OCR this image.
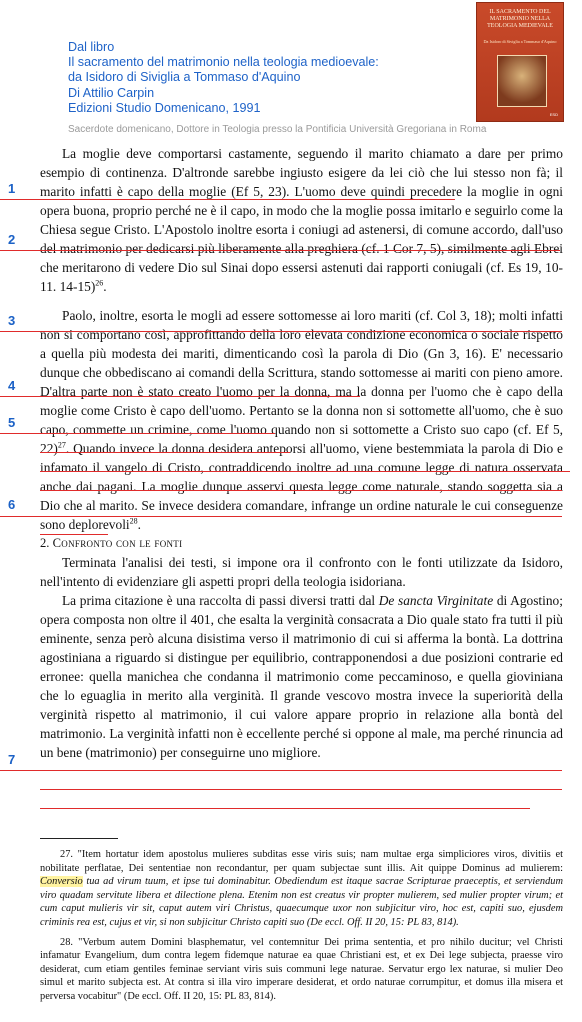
Dal libro
Il sacramento del matrimonio nella teologia medioevale:
da Isidoro di Siviglia a Tommaso d'Aquino
Di Attilio Carpin
Edizioni Studio Domenicano, 1991
Sacerdote domenicano, Dottore in Teologia presso la Pontificia Università Gregoriana in Roma
IL SACRAMENTO DEL MATRIMONIO NELLA TEOLOGIA MEDIEVALE
Da Isidoro di Siviglia a Tommaso d'Aquino
ESD

La moglie deve comportarsi castamente, seguendo il marito chiamato a dare per primo esempio di continenza. D'altronde sarebbe ingiusto esigere da lei ciò che lui stesso non fà; il marito infatti è capo della moglie (Ef 5, 23). L'uomo deve quindi precedere la moglie in ogni opera buona, proprio perché ne è il capo, in modo che la moglie possa imitarlo e seguirlo come la Chiesa segue Cristo. L'Apostolo inoltre esorta i coniugi ad astenersi, di comune accordo, dall'uso del matrimonio per dedicarsi più liberamente alla preghiera (cf. 1 Cor 7, 5), similmente agli Ebrei che meritarono di vedere Dio sul Sinai dopo essersi astenuti dai rapporti coniugali (cf. Es 19, 10-11. 14-15)$^{26}$.

Paolo, inoltre, esorta le mogli ad essere sottomesse ai loro mariti (cf. Col 3, 18); molti infatti non si comportano così, approfittando della loro elevata condizione economica o sociale rispetto a quella più modesta dei mariti, dimenticando così la parola di Dio (Gn 3, 16). E' necessario dunque che obbediscano ai comandi della Scrittura, stando sottomesse ai mariti con pieno amore. D'altra parte non è stato creato l'uomo per la donna, ma la donna per l'uomo che è capo della moglie come Cristo è capo dell'uomo. Pertanto se la donna non si sottomette all'uomo, che è suo capo, commette un crimine, come l'uomo quando non si sottomette a Cristo suo capo (cf. Ef 5, 22)$^{27}$. Quando invece la donna desidera anteporsi all'uomo, viene bestemmiata la parola di Dio e infamato il vangelo di Cristo, contraddicendo inoltre ad una comune legge di natura osservata anche dai pagani. La moglie dunque asservi questa legge come naturale, stando soggetta sia a Dio che al marito. Se invece desidera comandare, infrange un ordine naturale le cui conseguenze sono deplorevoli$^{28}$.

2. Confronto con le fonti

Terminata l'analisi dei testi, si impone ora il confronto con le fonti utilizzate da Isidoro, nell'intento di evidenziare gli aspetti propri della teologia isidoriana.

La prima citazione è una raccolta di passi diversi tratti dal De sancta Virginitate di Agostino; opera composta non oltre il 401, che esalta la verginità consacrata a Dio quale stato fra tutti il più eminente, senza però alcuna disistima verso il matrimonio di cui si afferma la bontà. La dottrina agostiniana a riguardo si distingue per equilibrio, contrapponendosi a due posizioni contrarie ed erronee: quella manichea che condanna il matrimonio come peccaminoso, e quella gioviniana che lo eguaglia in merito alla verginità. Il grande vescovo mostra invece la superiorità della verginità rispetto al matrimonio, il cui valore appare proprio in relazione alla bontà del matrimonio. La verginità infatti non è eccellente perché si oppone al male, ma perché rinuncia ad un bene (matrimonio) per conseguirne uno migliore.

27. "Item hortatur idem apostolus mulieres subditas esse viris suis; nam multae erga simpliciores viros, divitiis et nobilitate perflatae, Dei sententiae non recondantur, per quam subjectae sunt illis. Ait quippe Dominus ad mulierem: Conversio tua ad virum tuum, et ipse tui dominabitur. Obediendum est itaque sacrae Scripturae praeceptis, et serviendum viro quadam servitute libera et dilectione plena. Etenim non est creatus vir propter mulierem, sed mulier propter virum; et cum caput mulieris vir sit, caput autem viri Christus, quaecumque uxor non subjicitur viro, hoc est, capiti suo, ejusdem criminis rea est, cujus et vir, si non subjicitur Christo capiti suo (De eccl. Off. II 20, 15: PL 83, 814).

28. "Verbum autem Domini blasphematur, vel contemnitur Dei prima sententia, et pro nihilo ducitur; vel Christi infamatur Evangelium, dum contra legem fidemque naturae ea quae Christiani est, et ex Dei lege subjecta, praesse viro desiderat, cum etiam gentiles feminae serviant viris suis communi lege naturae. Servatur ergo lex naturae, si mulier Deo simul et marito subjecta est. At contra si illa viro imperare desiderat, et ordo naturae corrumpitur, et domus illa misera et perversa vocabitur" (De eccl. Off. II 20, 15: PL 83, 814).

1
2
3
4
5
6
7
